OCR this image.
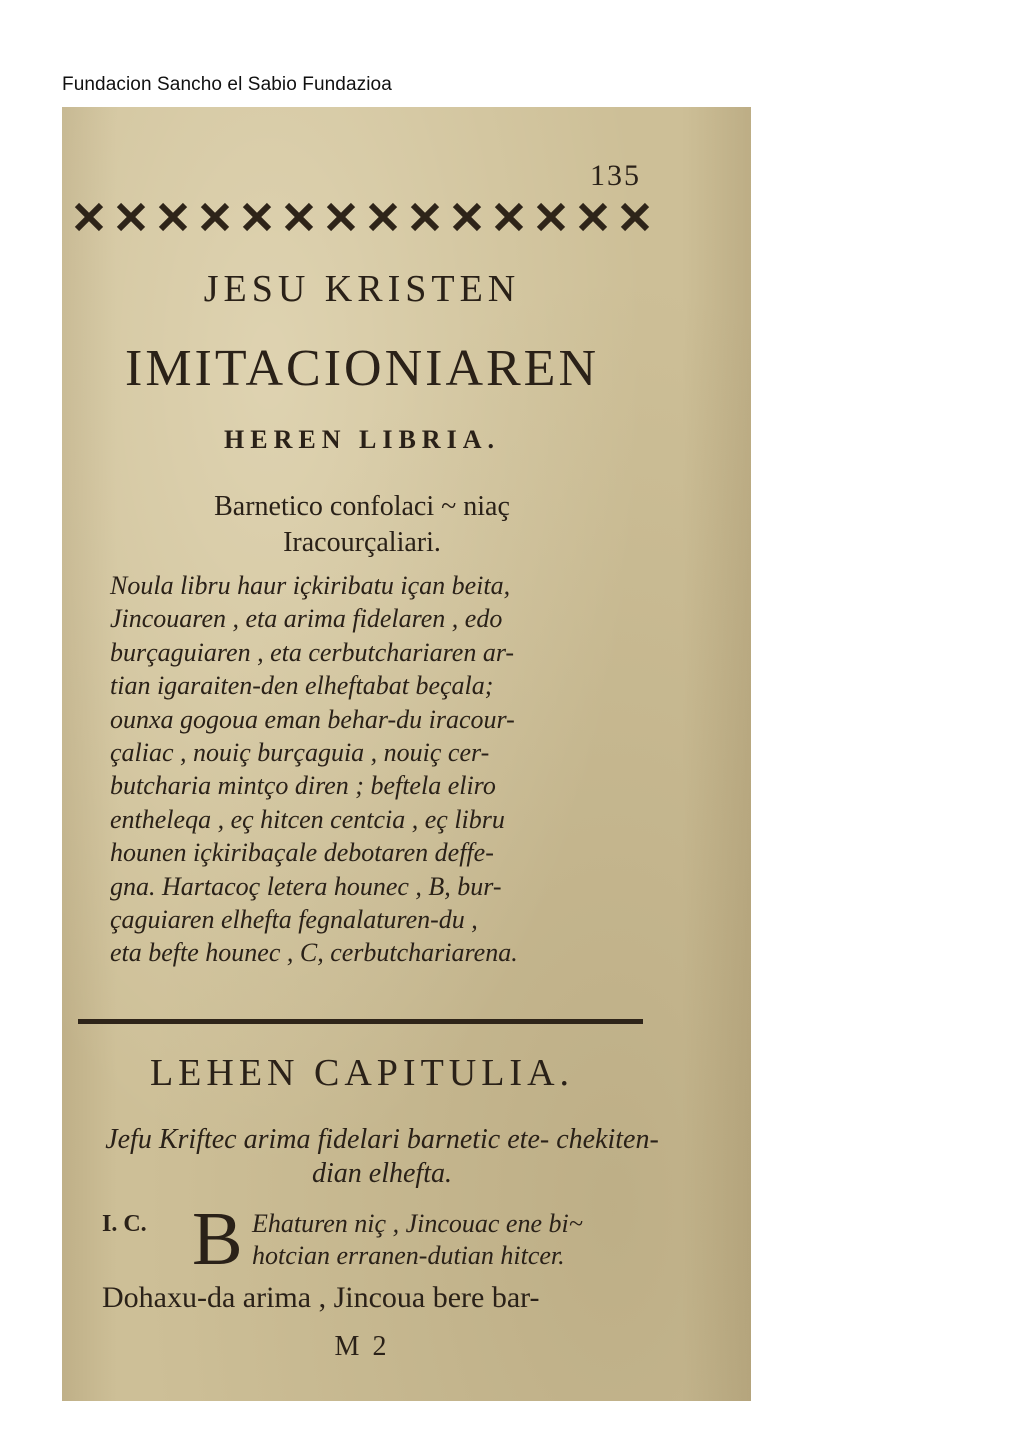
Fundacion Sancho el Sabio Fundazioa
135
JESU KRISTEN
IMITACIONIAREN
HEREN LIBRIA.
Barnetico confolaci ~ niaç
Iracourçaliari.
Noula libru haur içkiribatu içan beita,
Jincouaren , eta arima fidelaren , edo
burçaguiaren , eta cerbutchariaren ar-
tian igaraiten-den elheftabat beçala;
ounxa gogoua eman behar-du iracour-
çaliac , nouiç burçaguia , nouiç cer-
butcharia mintço diren ; beftela eliro
entheleqa , eç hitcen centcia , eç libru
hounen içkiribaçale debotaren deffe-
gna. Hartacoç letera hounec , B, bur-
çaguiaren elhefta fegnalaturen-du ,
eta befte hounec , C, cerbutchariarena.
LEHEN CAPITULIA.
Jefu Kriftec arima fidelari barnetic ete- chekiten-dian elhefta.
I. C. B Ehaturen niç , Jincouac ene bi~
hotcian erranen-dutian hitcer.
Dohaxu-da arima , Jincoua bere bar-
M 2
